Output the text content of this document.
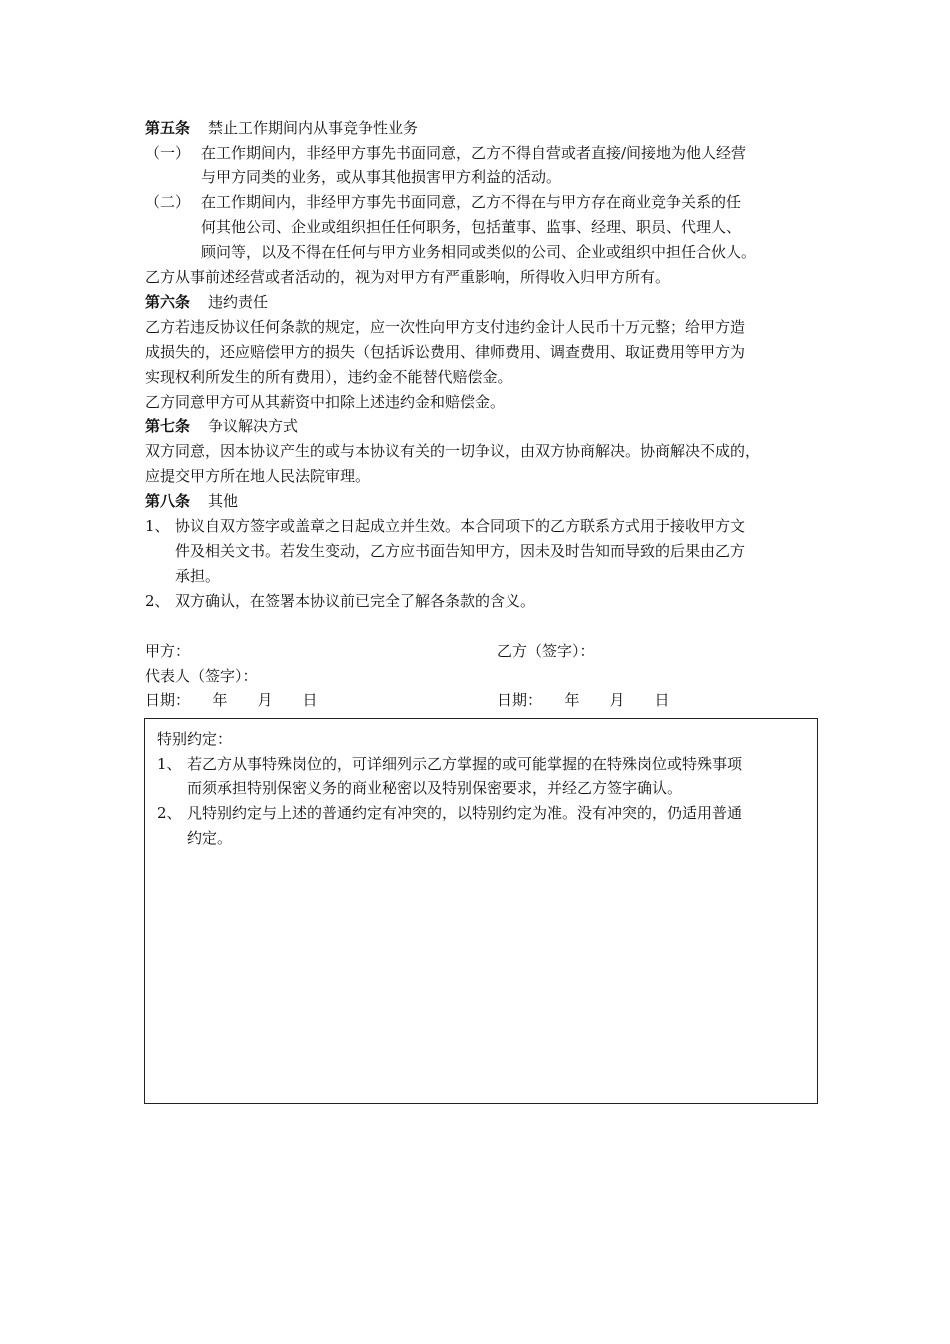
第五条 禁止工作期间内从事竞争性业务
（一） 在工作期间内，非经甲方事先书面同意，乙方不得自营或者直接/间接地为他人经营
与甲方同类的业务，或从事其他损害甲方利益的活动。
（二） 在工作期间内，非经甲方事先书面同意，乙方不得在与甲方存在商业竞争关系的任
何其他公司、企业或组织担任任何职务，包括董事、监事、经理、职员、代理人、
顾问等，以及不得在任何与甲方业务相同或类似的公司、企业或组织中担任合伙人。
乙方从事前述经营或者活动的，视为对甲方有严重影响，所得收入归甲方所有。
第六条 违约责任
乙方若违反协议任何条款的规定，应一次性向甲方支付违约金计人民币十万元整；给甲方造
成损失的，还应赔偿甲方的损失（包括诉讼费用、律师费用、调查费用、取证费用等甲方为
实现权利所发生的所有费用），违约金不能替代赔偿金。
乙方同意甲方可从其薪资中扣除上述违约金和赔偿金。
第七条 争议解决方式
双方同意，因本协议产生的或与本协议有关的一切争议，由双方协商解决。协商解决不成的，
应提交甲方所在地人民法院审理。
第八条 其他
1、 协议自双方签字或盖章之日起成立并生效。本合同项下的乙方联系方式用于接收甲方文
件及相关文书。若发生变动，乙方应书面告知甲方，因未及时告知而导致的后果由乙方
承担。
2、 双方确认，在签署本协议前已完全了解各条款的含义。
甲方：	乙方（签字）：
代表人（签字）：
日期：　　年　　月　　日	日期：　　年　　月　　日
特别约定：
1、 若乙方从事特殊岗位的，可详细列示乙方掌握的或可能掌握的在特殊岗位或特殊事项
而须承担特别保密义务的商业秘密以及特别保密要求，并经乙方签字确认。
2、 凡特别约定与上述的普通约定有冲突的，以特别约定为准。没有冲突的，仍适用普通
约定。
